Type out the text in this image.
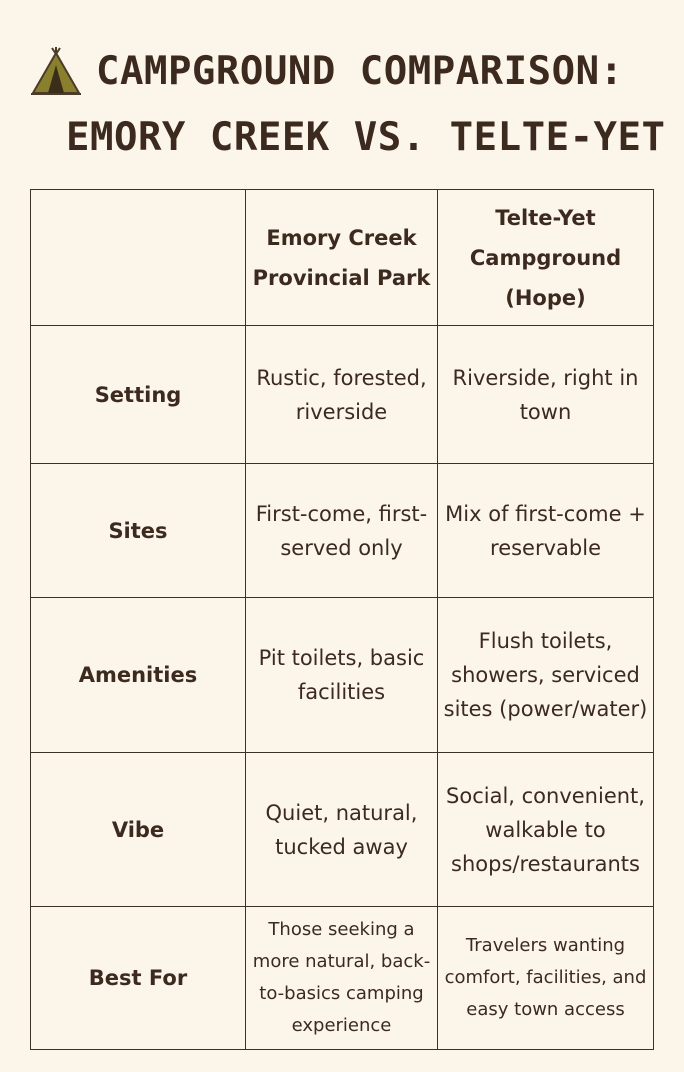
CAMPGROUND COMPARISON:
EMORY CREEK VS. TELTE-YET
	Emory Creek Provincial Park	Telte-Yet Campground (Hope)
Setting	Rustic, forested, riverside	Riverside, right in town
Sites	First-come, first-served only	Mix of first-come + reservable
Amenities	Pit toilets, basic facilities	Flush toilets, showers, serviced sites (power/water)
Vibe	Quiet, natural, tucked away	Social, convenient, walkable to shops/restaurants
Best For	Those seeking a more natural, back-to-basics camping experience	Travelers wanting comfort, facilities, and easy town access
